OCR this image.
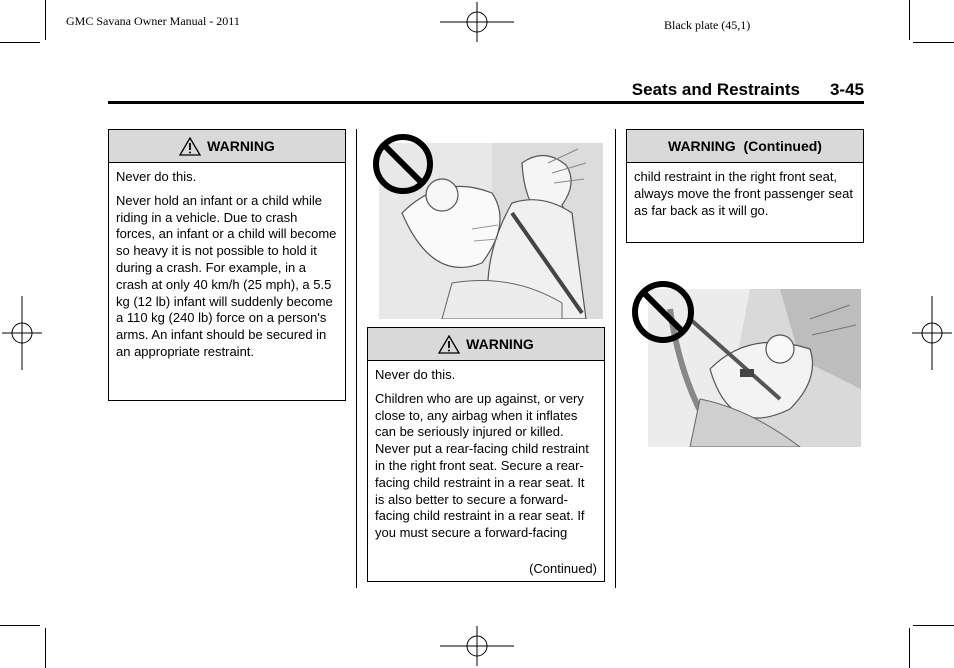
GMC Savana Owner Manual - 2011	Black plate (45,1)
Seats and Restraints 3-45
WARNING

Never do this.

Never hold an infant or a child while riding in a vehicle. Due to crash forces, an infant or a child will become so heavy it is not possible to hold it during a crash. For example, in a crash at only 40 km/h (25 mph), a 5.5 kg (12 lb) infant will suddenly become a 110 kg (240 lb) force on a person's arms. An infant should be secured in an appropriate restraint.	WARNING

Never do this.

Children who are up against, or very close to, any airbag when it inflates can be seriously injured or killed. Never put a rear-facing child restraint in the right front seat. Secure a rear-facing child restraint in a rear seat. It is also better to secure a forward-facing child restraint in a rear seat. If you must secure a forward-facing

(Continued)
WARNING  (Continued)

child restraint in the right front seat, always move the front passenger seat as far back as it will go.
